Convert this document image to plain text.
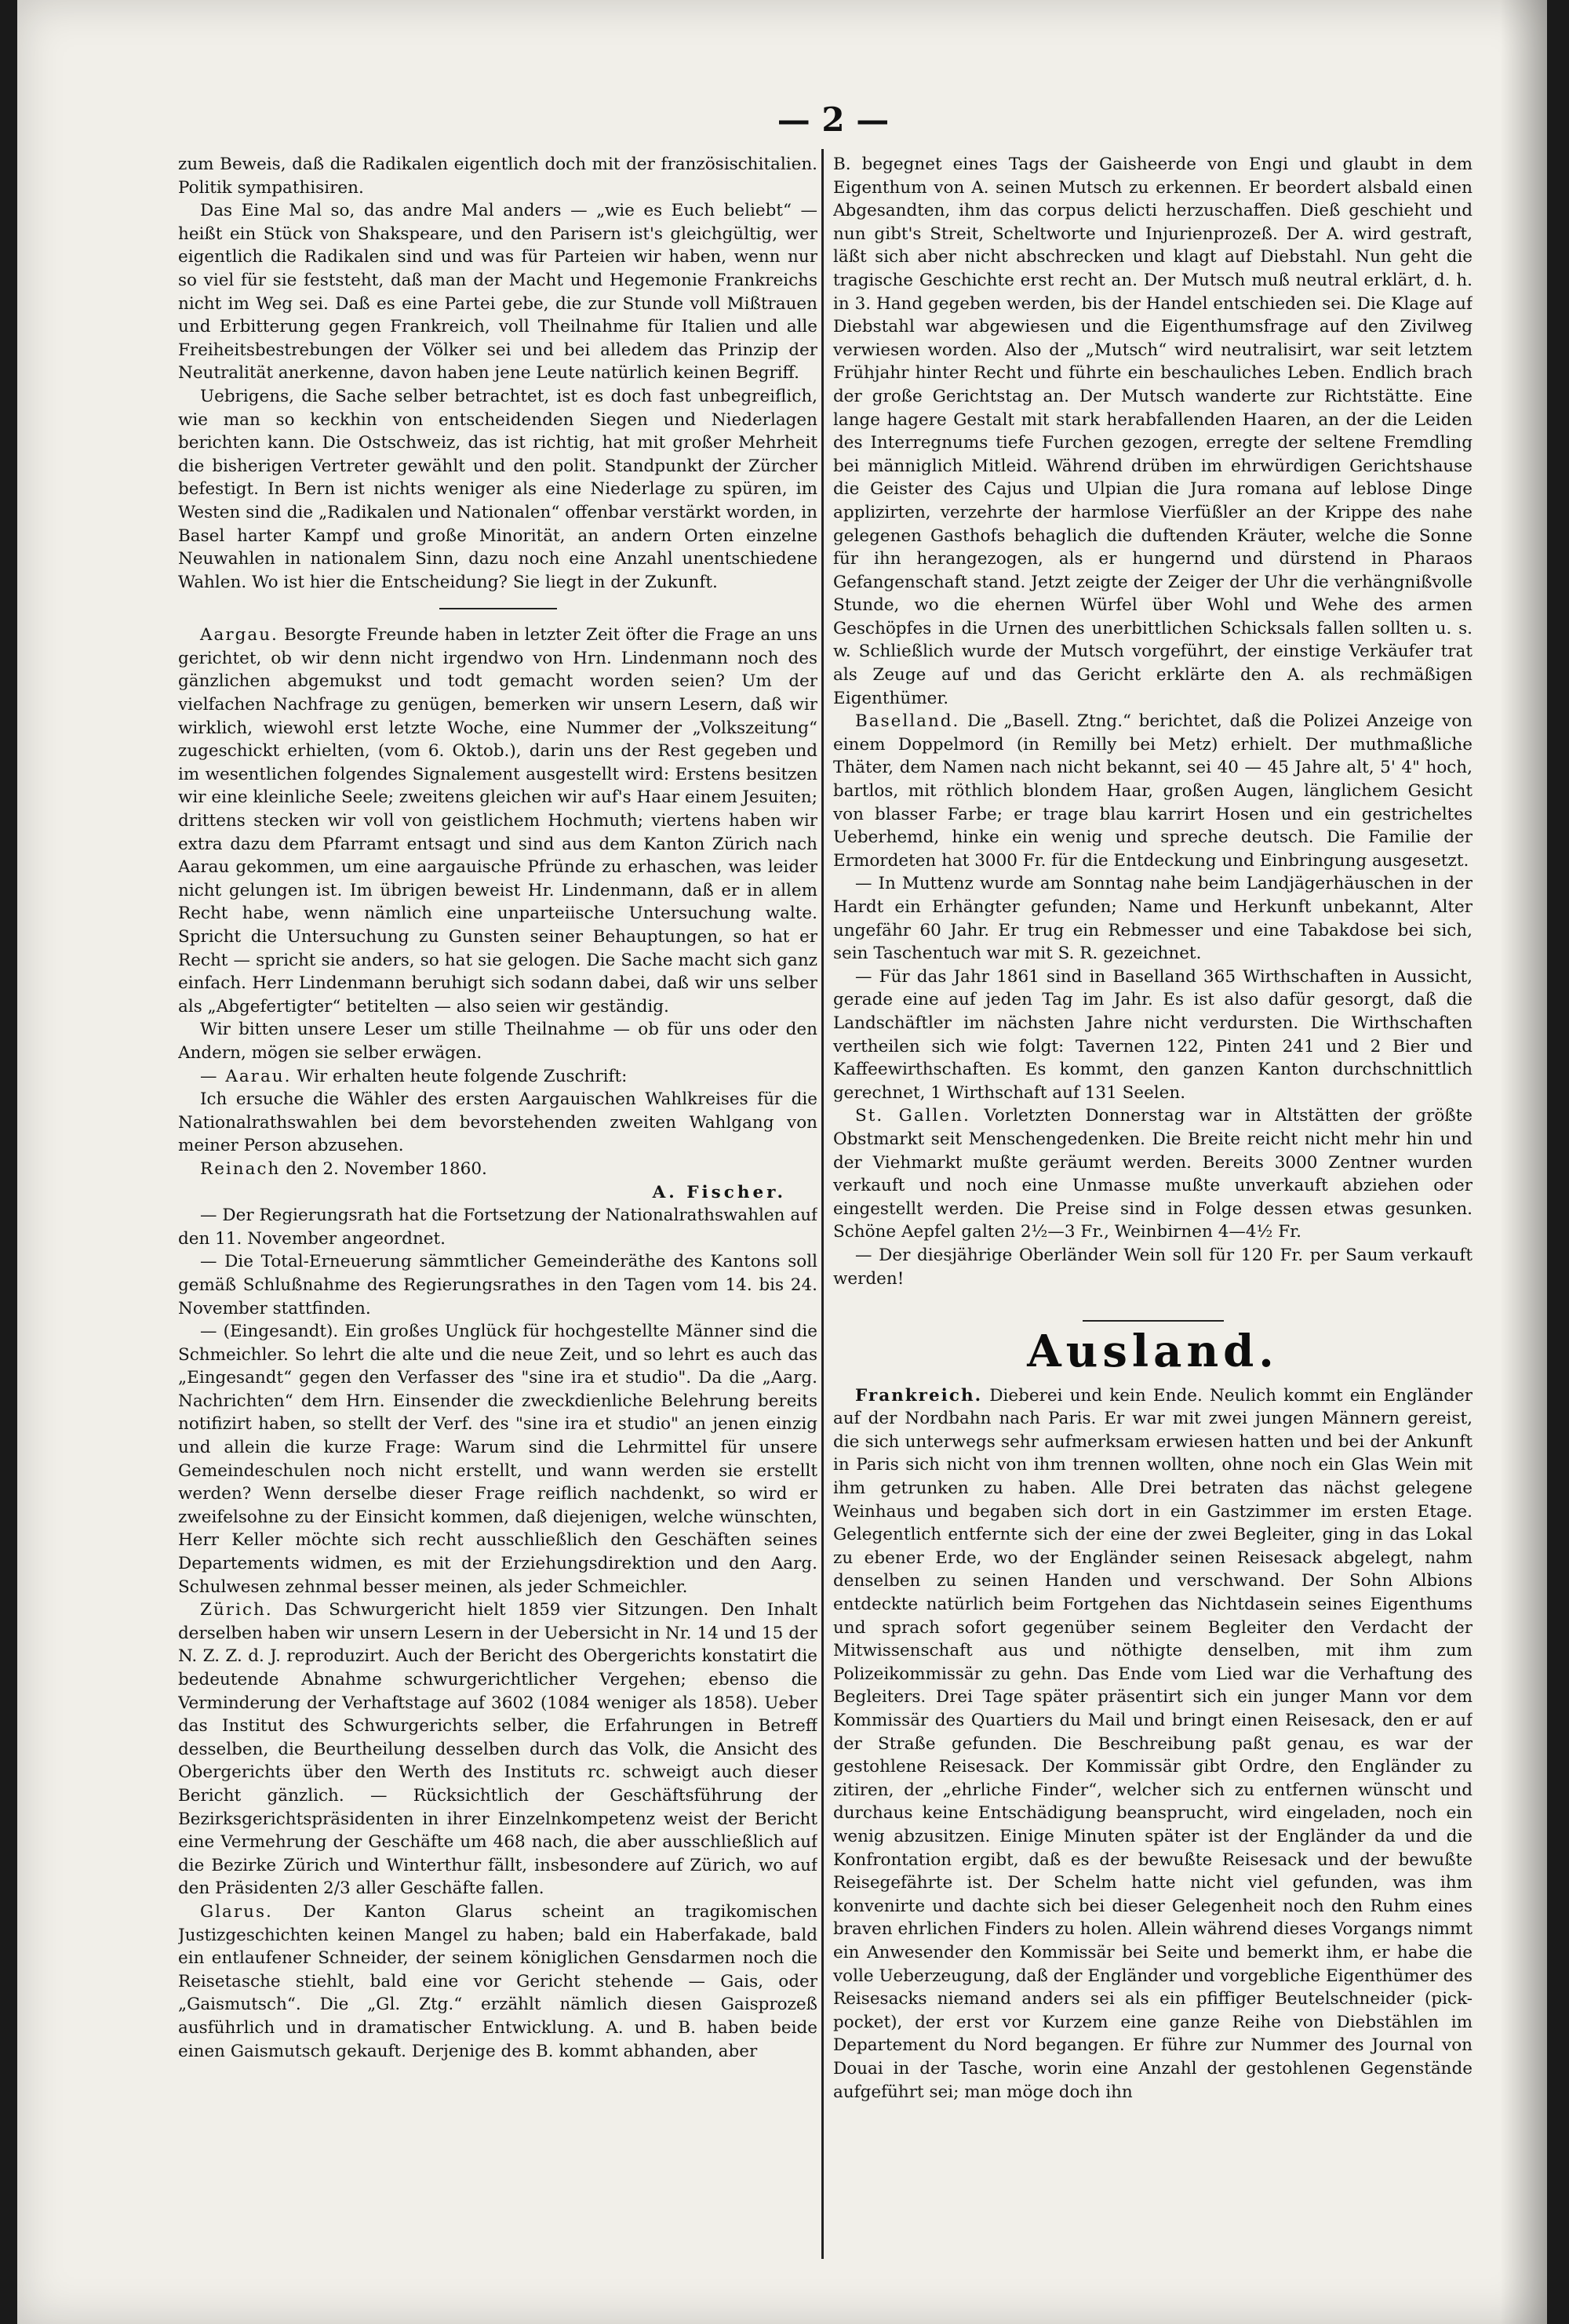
— 2 —

zum Beweis, daß die Radikalen eigentlich doch mit der französischitalien. Politik sympathisiren.

Das Eine Mal so, das andre Mal anders — „wie es Euch beliebt“ — heißt ein Stück von Shakspeare, und den Parisern ist's gleichgültig, wer eigentlich die Radikalen sind und was für Parteien wir haben, wenn nur so viel für sie feststeht, daß man der Macht und Hegemonie Frankreichs nicht im Weg sei. Daß es eine Partei gebe, die zur Stunde voll Mißtrauen und Erbitterung gegen Frankreich, voll Theilnahme für Italien und alle Freiheitsbestrebungen der Völker sei und bei alledem das Prinzip der Neutralität anerkenne, davon haben jene Leute natürlich keinen Begriff.

Uebrigens, die Sache selber betrachtet, ist es doch fast unbegreiflich, wie man so keckhin von entscheidenden Siegen und Niederlagen berichten kann. Die Ostschweiz, das ist richtig, hat mit großer Mehrheit die bisherigen Vertreter gewählt und den polit. Standpunkt der Zürcher befestigt. In Bern ist nichts weniger als eine Niederlage zu spüren, im Westen sind die „Radikalen und Nationalen“ offenbar verstärkt worden, in Basel harter Kampf und große Minorität, an andern Orten einzelne Neuwahlen in nationalem Sinn, dazu noch eine Anzahl unentschiedene Wahlen. Wo ist hier die Entscheidung? Sie liegt in der Zukunft.

Aargau. Besorgte Freunde haben in letzter Zeit öfter die Frage an uns gerichtet, ob wir denn nicht irgendwo von Hrn. Lindenmann noch des gänzlichen abgemukst und todt gemacht worden seien? Um der vielfachen Nachfrage zu genügen, bemerken wir unsern Lesern, daß wir wirklich, wiewohl erst letzte Woche, eine Nummer der „Volkszeitung“ zugeschickt erhielten, (vom 6. Oktob.), darin uns der Rest gegeben und im wesentlichen folgendes Signalement ausgestellt wird: Erstens besitzen wir eine kleinliche Seele; zweitens gleichen wir auf's Haar einem Jesuiten; drittens stecken wir voll von geistlichem Hochmuth; viertens haben wir extra dazu dem Pfarramt entsagt und sind aus dem Kanton Zürich nach Aarau gekommen, um eine aargauische Pfründe zu erhaschen, was leider nicht gelungen ist. Im übrigen beweist Hr. Lindenmann, daß er in allem Recht habe, wenn nämlich eine unparteiische Untersuchung walte. Spricht die Untersuchung zu Gunsten seiner Behauptungen, so hat er Recht — spricht sie anders, so hat sie gelogen. Die Sache macht sich ganz einfach. Herr Lindenmann beruhigt sich sodann dabei, daß wir uns selber als „Abgefertigter“ betitelten — also seien wir geständig.

Wir bitten unsere Leser um stille Theilnahme — ob für uns oder den Andern, mögen sie selber erwägen.

— Aarau. Wir erhalten heute folgende Zuschrift:

Ich ersuche die Wähler des ersten Aargauischen Wahlkreises für die Nationalrathswahlen bei dem bevorstehenden zweiten Wahlgang von meiner Person abzusehen.

Reinach den 2. November 1860.

A. Fischer.

— Der Regierungsrath hat die Fortsetzung der Nationalrathswahlen auf den 11. November angeordnet.

— Die Total-Erneuerung sämmtlicher Gemeinderäthe des Kantons soll gemäß Schlußnahme des Regierungsrathes in den Tagen vom 14. bis 24. November stattfinden.

— (Eingesandt). Ein großes Unglück für hochgestellte Männer sind die Schmeichler. So lehrt die alte und die neue Zeit, und so lehrt es auch das „Eingesandt“ gegen den Verfasser des "sine ira et studio". Da die „Aarg. Nachrichten“ dem Hrn. Einsender die zweckdienliche Belehrung bereits notifizirt haben, so stellt der Verf. des "sine ira et studio" an jenen einzig und allein die kurze Frage: Warum sind die Lehrmittel für unsere Gemeindeschulen noch nicht erstellt, und wann werden sie erstellt werden? Wenn derselbe dieser Frage reiflich nachdenkt, so wird er zweifelsohne zu der Einsicht kommen, daß diejenigen, welche wünschten, Herr Keller möchte sich recht ausschließlich den Geschäften seines Departements widmen, es mit der Erziehungsdirektion und den Aarg. Schulwesen zehnmal besser meinen, als jeder Schmeichler.

Zürich. Das Schwurgericht hielt 1859 vier Sitzungen. Den Inhalt derselben haben wir unsern Lesern in der Uebersicht in Nr. 14 und 15 der N. Z. Z. d. J. reproduzirt. Auch der Bericht des Obergerichts konstatirt die bedeutende Abnahme schwurgerichtlicher Vergehen; ebenso die Verminderung der Verhaftstage auf 3602 (1084 weniger als 1858). Ueber das Institut des Schwurgerichts selber, die Erfahrungen in Betreff desselben, die Beurtheilung desselben durch das Volk, die Ansicht des Obergerichts über den Werth des Instituts rc. schweigt auch dieser Bericht gänzlich. — Rücksichtlich der Geschäftsführung der Bezirksgerichtspräsidenten in ihrer Einzelnkompetenz weist der Bericht eine Vermehrung der Geschäfte um 468 nach, die aber ausschließlich auf die Bezirke Zürich und Winterthur fällt, insbesondere auf Zürich, wo auf den Präsidenten 2/3 aller Geschäfte fallen.

Glarus. Der Kanton Glarus scheint an tragikomischen Justizgeschichten keinen Mangel zu haben; bald ein Haberfakade, bald ein entlaufener Schneider, der seinem königlichen Gensdarmen noch die Reisetasche stiehlt, bald eine vor Gericht stehende — Gais, oder „Gaismutsch“. Die „Gl. Ztg.“ erzählt nämlich diesen Gaisprozeß ausführlich und in dramatischer Entwicklung. A. und B. haben beide einen Gaismutsch gekauft. Derjenige des B. kommt abhanden, aber

B. begegnet eines Tags der Gaisheerde von Engi und glaubt in dem Eigenthum von A. seinen Mutsch zu erkennen. Er beordert alsbald einen Abgesandten, ihm das corpus delicti herzuschaffen. Dieß geschieht und nun gibt's Streit, Scheltworte und Injurienprozeß. Der A. wird gestraft, läßt sich aber nicht abschrecken und klagt auf Diebstahl. Nun geht die tragische Geschichte erst recht an. Der Mutsch muß neutral erklärt, d. h. in 3. Hand gegeben werden, bis der Handel entschieden sei. Die Klage auf Diebstahl war abgewiesen und die Eigenthumsfrage auf den Zivilweg verwiesen worden. Also der „Mutsch“ wird neutralisirt, war seit letztem Frühjahr hinter Recht und führte ein beschauliches Leben. Endlich brach der große Gerichtstag an. Der Mutsch wanderte zur Richtstätte. Eine lange hagere Gestalt mit stark herabfallenden Haaren, an der die Leiden des Interregnums tiefe Furchen gezogen, erregte der seltene Fremdling bei männiglich Mitleid. Während drüben im ehrwürdigen Gerichtshause die Geister des Cajus und Ulpian die Jura romana auf leblose Dinge applizirten, verzehrte der harmlose Vierfüßler an der Krippe des nahe gelegenen Gasthofs behaglich die duftenden Kräuter, welche die Sonne für ihn herangezogen, als er hungernd und dürstend in Pharaos Gefangenschaft stand. Jetzt zeigte der Zeiger der Uhr die verhängnißvolle Stunde, wo die ehernen Würfel über Wohl und Wehe des armen Geschöpfes in die Urnen des unerbittlichen Schicksals fallen sollten u. s. w. Schließlich wurde der Mutsch vorgeführt, der einstige Verkäufer trat als Zeuge auf und das Gericht erklärte den A. als rechmäßigen Eigenthümer.

Baselland. Die „Basell. Ztng.“ berichtet, daß die Polizei Anzeige von einem Doppelmord (in Remilly bei Metz) erhielt. Der muthmaßliche Thäter, dem Namen nach nicht bekannt, sei 40 — 45 Jahre alt, 5' 4" hoch, bartlos, mit röthlich blondem Haar, großen Augen, länglichem Gesicht von blasser Farbe; er trage blau karrirt Hosen und ein gestricheltes Ueberhemd, hinke ein wenig und spreche deutsch. Die Familie der Ermordeten hat 3000 Fr. für die Entdeckung und Einbringung ausgesetzt.

— In Muttenz wurde am Sonntag nahe beim Landjägerhäuschen in der Hardt ein Erhängter gefunden; Name und Herkunft unbekannt, Alter ungefähr 60 Jahr. Er trug ein Rebmesser und eine Tabakdose bei sich, sein Taschentuch war mit S. R. gezeichnet.

— Für das Jahr 1861 sind in Baselland 365 Wirthschaften in Aussicht, gerade eine auf jeden Tag im Jahr. Es ist also dafür gesorgt, daß die Landschäftler im nächsten Jahre nicht verdursten. Die Wirthschaften vertheilen sich wie folgt: Tavernen 122, Pinten 241 und 2 Bier und Kaffeewirthschaften. Es kommt, den ganzen Kanton durchschnittlich gerechnet, 1 Wirthschaft auf 131 Seelen.

St. Gallen. Vorletzten Donnerstag war in Altstätten der größte Obstmarkt seit Menschengedenken. Die Breite reicht nicht mehr hin und der Viehmarkt mußte geräumt werden. Bereits 3000 Zentner wurden verkauft und noch eine Unmasse mußte unverkauft abziehen oder eingestellt werden. Die Preise sind in Folge dessen etwas gesunken. Schöne Aepfel galten 2½—3 Fr., Weinbirnen 4—4½ Fr.

— Der diesjährige Oberländer Wein soll für 120 Fr. per Saum verkauft werden!

Ausland.

Frankreich. Dieberei und kein Ende. Neulich kommt ein Engländer auf der Nordbahn nach Paris. Er war mit zwei jungen Männern gereist, die sich unterwegs sehr aufmerksam erwiesen hatten und bei der Ankunft in Paris sich nicht von ihm trennen wollten, ohne noch ein Glas Wein mit ihm getrunken zu haben. Alle Drei betraten das nächst gelegene Weinhaus und begaben sich dort in ein Gastzimmer im ersten Etage. Gelegentlich entfernte sich der eine der zwei Begleiter, ging in das Lokal zu ebener Erde, wo der Engländer seinen Reisesack abgelegt, nahm denselben zu seinen Handen und verschwand. Der Sohn Albions entdeckte natürlich beim Fortgehen das Nichtdasein seines Eigenthums und sprach sofort gegenüber seinem Begleiter den Verdacht der Mitwissenschaft aus und nöthigte denselben, mit ihm zum Polizeikommissär zu gehn. Das Ende vom Lied war die Verhaftung des Begleiters. Drei Tage später präsentirt sich ein junger Mann vor dem Kommissär des Quartiers du Mail und bringt einen Reisesack, den er auf der Straße gefunden. Die Beschreibung paßt genau, es war der gestohlene Reisesack. Der Kommissär gibt Ordre, den Engländer zu zitiren, der „ehrliche Finder“, welcher sich zu entfernen wünscht und durchaus keine Entschädigung beansprucht, wird eingeladen, noch ein wenig abzusitzen. Einige Minuten später ist der Engländer da und die Konfrontation ergibt, daß es der bewußte Reisesack und der bewußte Reisegefährte ist. Der Schelm hatte nicht viel gefunden, was ihm konvenirte und dachte sich bei dieser Gelegenheit noch den Ruhm eines braven ehrlichen Finders zu holen. Allein während dieses Vorgangs nimmt ein Anwesender den Kommissär bei Seite und bemerkt ihm, er habe die volle Ueberzeugung, daß der Engländer und vorgebliche Eigenthümer des Reisesacks niemand anders sei als ein pfiffiger Beutelschneider (pick-pocket), der erst vor Kurzem eine ganze Reihe von Diebstählen im Departement du Nord begangen. Er führe zur Nummer des Journal von Douai in der Tasche, worin eine Anzahl der gestohlenen Gegenstände aufgeführt sei; man möge doch ihn
